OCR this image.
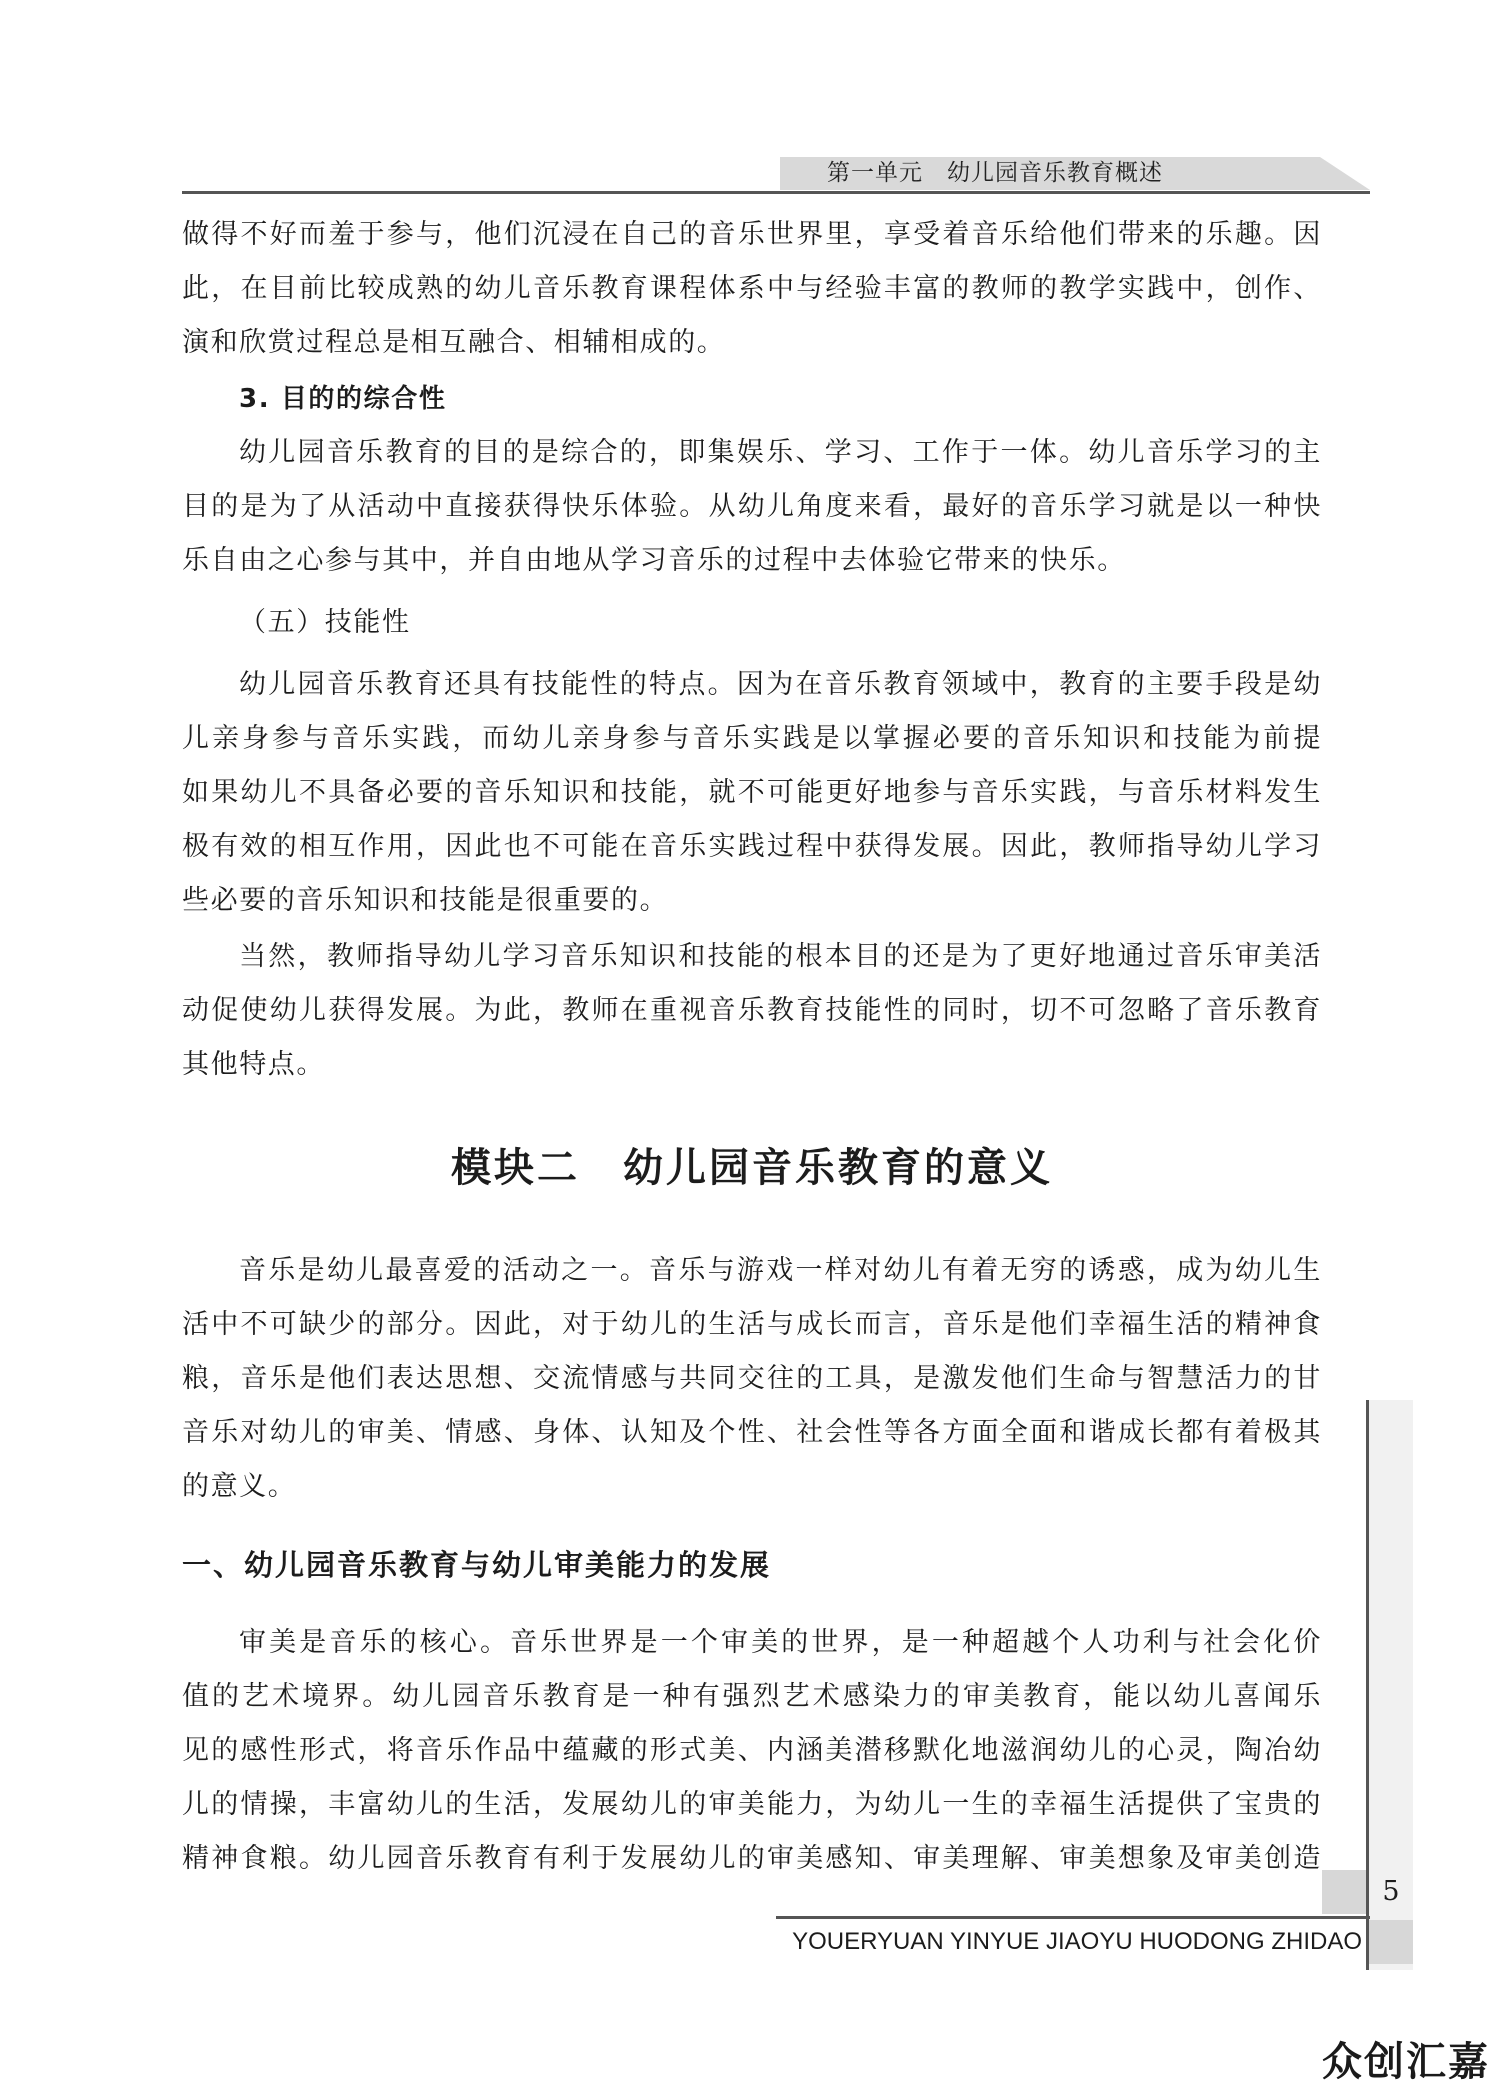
第一单元　幼儿园音乐教育概述
做得不好而羞于参与，他们沉浸在自己的音乐世界里，享受着音乐给他们带来的乐趣。因
此，在目前比较成熟的幼儿音乐教育课程体系中与经验丰富的教师的教学实践中，创作、
演和欣赏过程总是相互融合、相辅相成的。
3. 目的的综合性
幼儿园音乐教育的目的是综合的，即集娱乐、学习、工作于一体。幼儿音乐学习的主
目的是为了从活动中直接获得快乐体验。从幼儿角度来看，最好的音乐学习就是以一种快
乐自由之心参与其中，并自由地从学习音乐的过程中去体验它带来的快乐。
（五）技能性
幼儿园音乐教育还具有技能性的特点。因为在音乐教育领域中，教育的主要手段是幼
儿亲身参与音乐实践，而幼儿亲身参与音乐实践是以掌握必要的音乐知识和技能为前提
如果幼儿不具备必要的音乐知识和技能，就不可能更好地参与音乐实践，与音乐材料发生
极有效的相互作用，因此也不可能在音乐实践过程中获得发展。因此，教师指导幼儿学习
些必要的音乐知识和技能是很重要的。
当然，教师指导幼儿学习音乐知识和技能的根本目的还是为了更好地通过音乐审美活
动促使幼儿获得发展。为此，教师在重视音乐教育技能性的同时，切不可忽略了音乐教育
其他特点。
模块二　幼儿园音乐教育的意义
音乐是幼儿最喜爱的活动之一。音乐与游戏一样对幼儿有着无穷的诱惑，成为幼儿生
活中不可缺少的部分。因此，对于幼儿的生活与成长而言，音乐是他们幸福生活的精神食
粮，音乐是他们表达思想、交流情感与共同交往的工具，是激发他们生命与智慧活力的甘
音乐对幼儿的审美、情感、身体、认知及个性、社会性等各方面全面和谐成长都有着极其
的意义。
一、幼儿园音乐教育与幼儿审美能力的发展
审美是音乐的核心。音乐世界是一个审美的世界，是一种超越个人功利与社会化价
值的艺术境界。幼儿园音乐教育是一种有强烈艺术感染力的审美教育，能以幼儿喜闻乐
见的感性形式，将音乐作品中蕴藏的形式美、内涵美潜移默化地滋润幼儿的心灵，陶冶幼
儿的情操，丰富幼儿的生活，发展幼儿的审美能力，为幼儿一生的幸福生活提供了宝贵的
精神食粮。幼儿园音乐教育有利于发展幼儿的审美感知、审美理解、审美想象及审美创造
5
YOUERYUAN YINYUE JIAOYU HUODONG ZHIDAO
众创汇嘉
